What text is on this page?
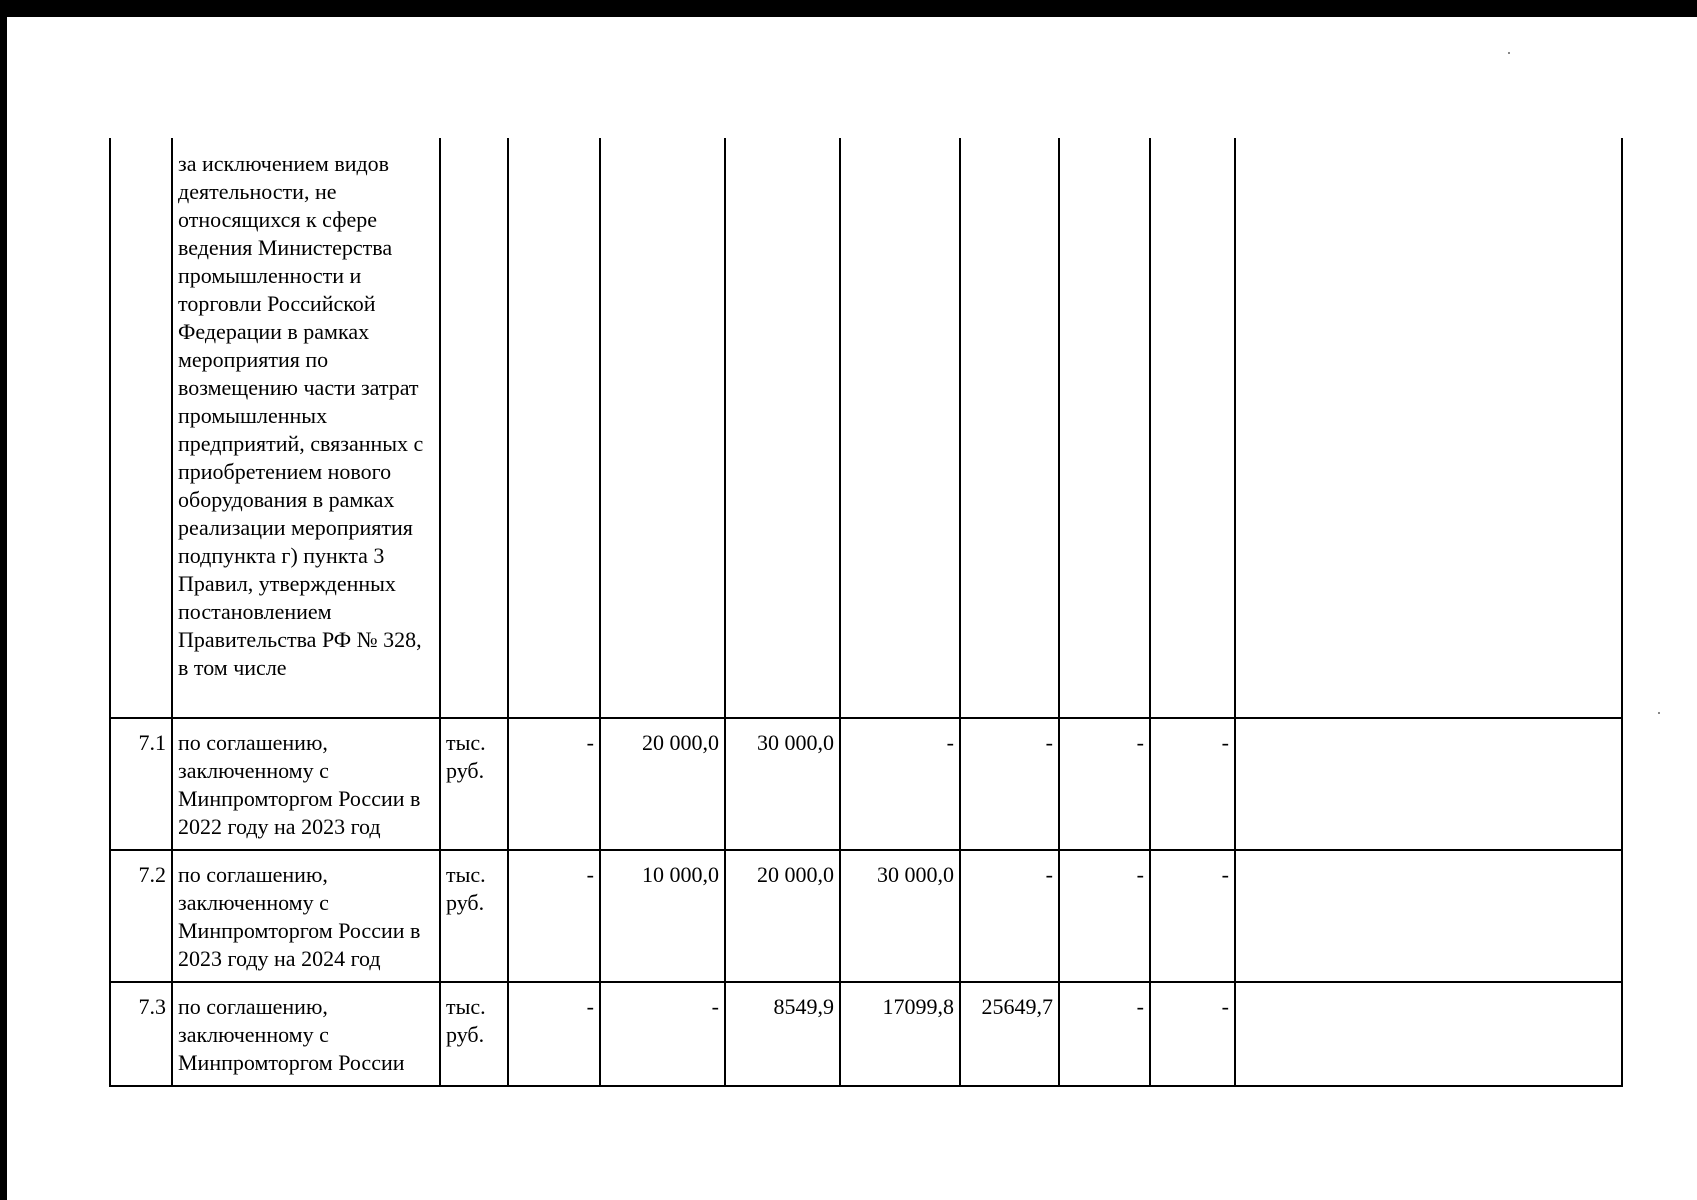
	за исключением видов деятельности, не относящихся к сфере ведения Министерства промышленности и торговли Российской Федерации в рамках мероприятия по возмещению части затрат промышленных предприятий, связанных с приобретением нового оборудования в рамках реализации мероприятия подпункта г) пункта 3 Правил, утвержденных постановлением Правительства РФ № 328, в том числе									
7.1	по соглашению, заключенному с Минпромторгом России в 2022 году на 2023 год	тыс. руб.	-	20 000,0	30 000,0	-	-	-	-	
7.2	по соглашению, заключенному с Минпромторгом России в 2023 году на 2024 год	тыс. руб.	-	10 000,0	20 000,0	30 000,0	-	-	-	
7.3	по соглашению, заключенному с Минпромторгом России	тыс. руб.	-	-	8549,9	17099,8	25649,7	-	-	
